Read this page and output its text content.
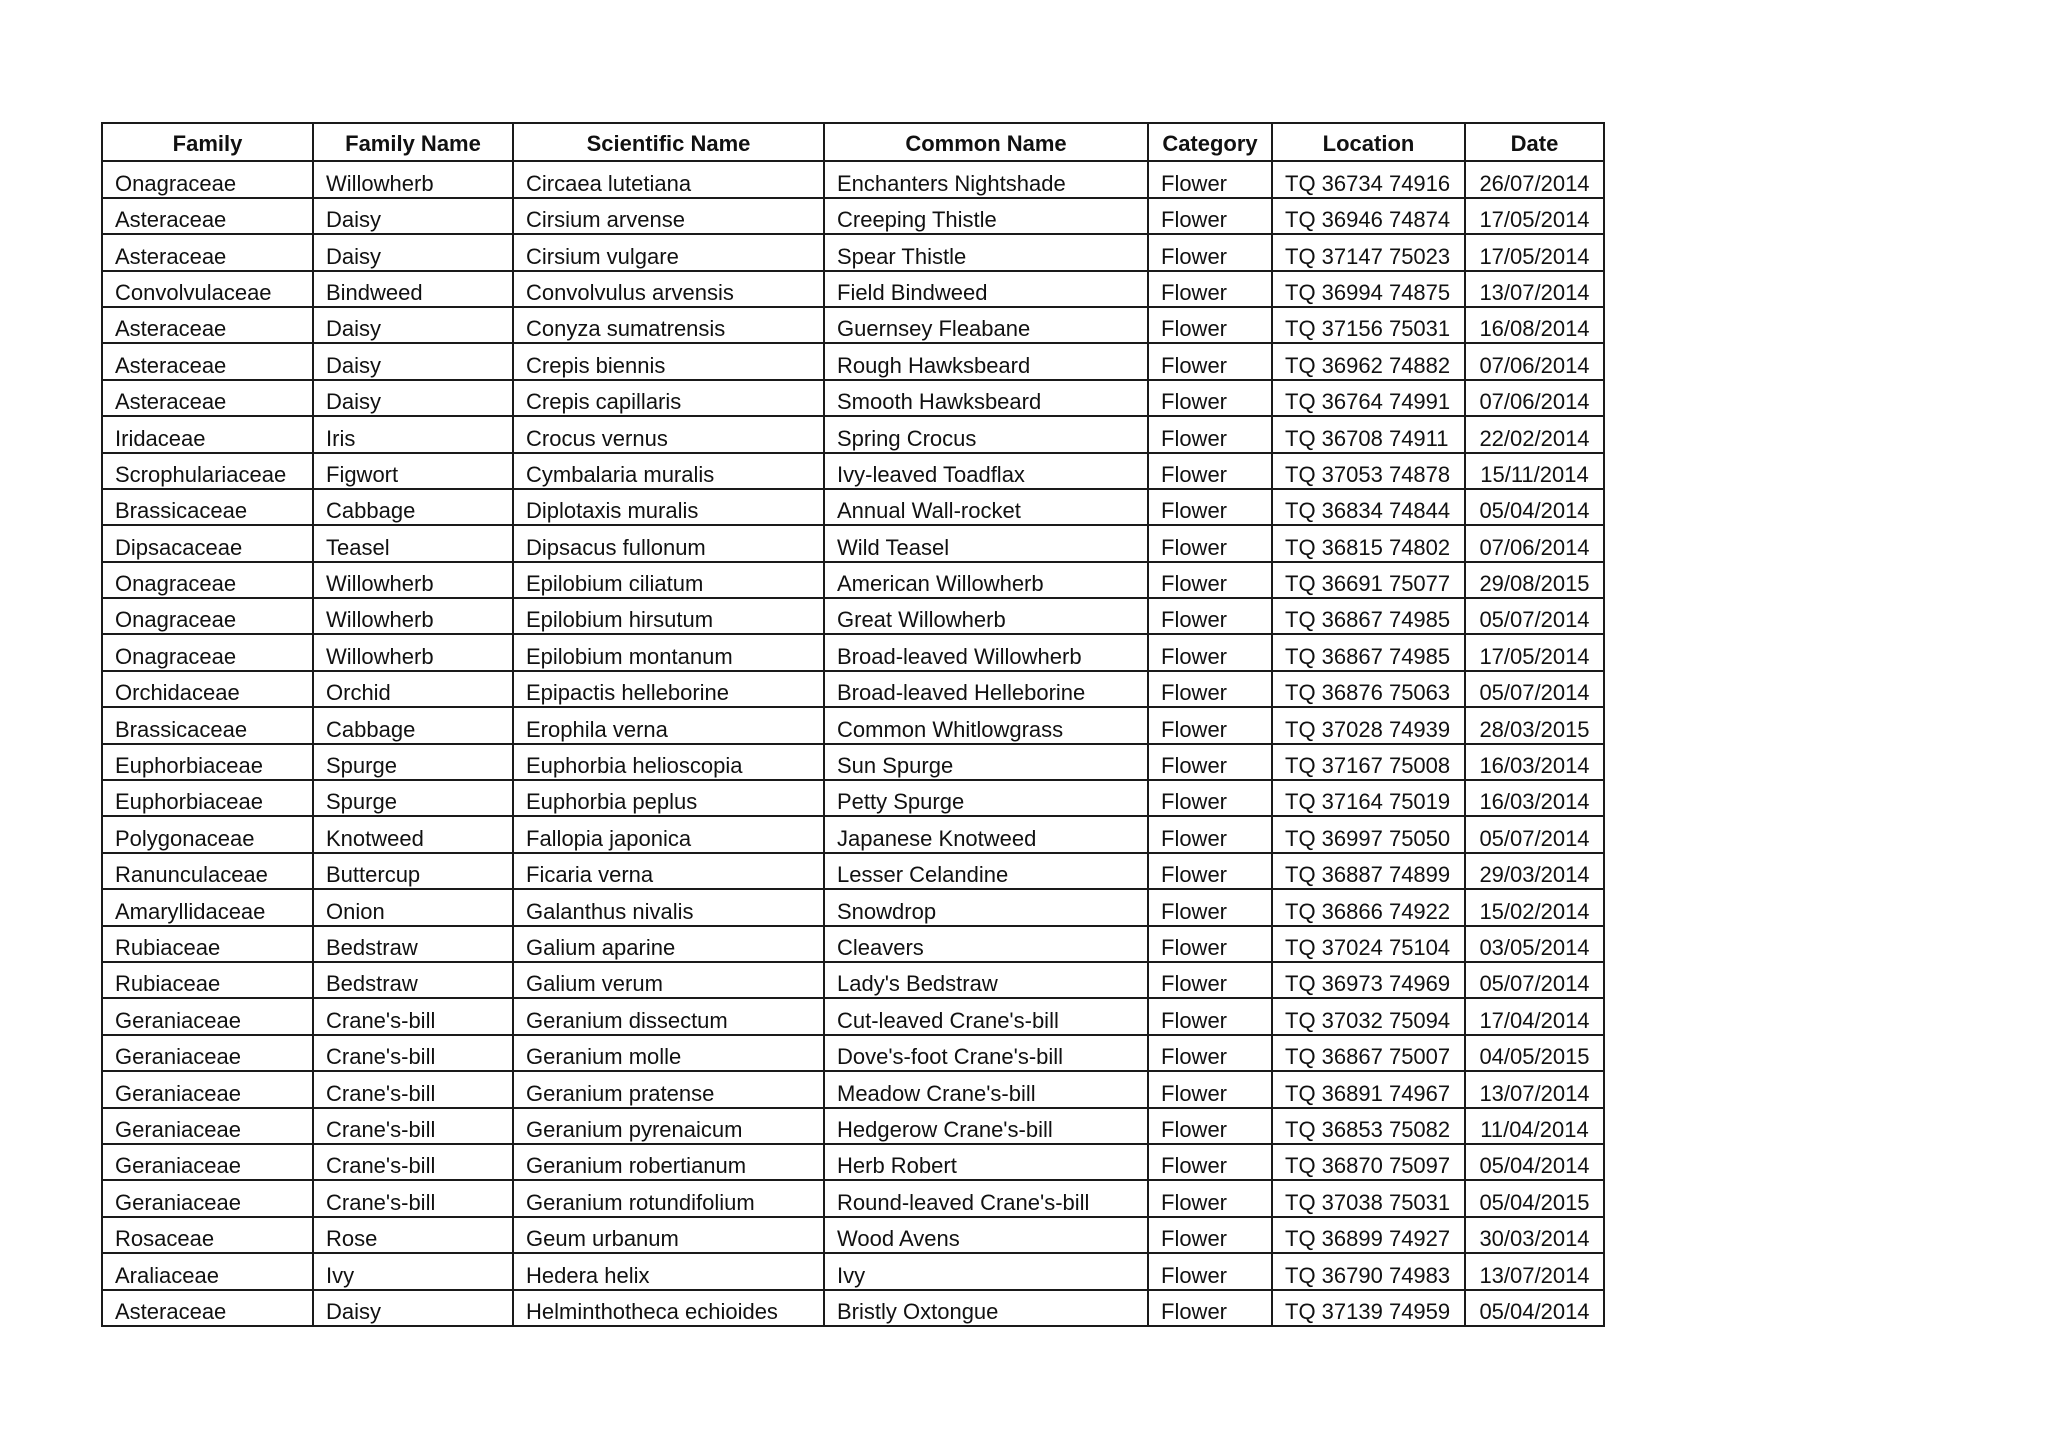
Family	Family Name	Scientific Name	Common Name	Category	Location	Date
Onagraceae	Willowherb	Circaea lutetiana	Enchanters Nightshade	Flower	TQ 36734 74916	26/07/2014
Asteraceae	Daisy	Cirsium arvense	Creeping Thistle	Flower	TQ 36946 74874	17/05/2014
Asteraceae	Daisy	Cirsium vulgare	Spear Thistle	Flower	TQ 37147 75023	17/05/2014
Convolvulaceae	Bindweed	Convolvulus arvensis	Field Bindweed	Flower	TQ 36994 74875	13/07/2014
Asteraceae	Daisy	Conyza sumatrensis	Guernsey Fleabane	Flower	TQ 37156 75031	16/08/2014
Asteraceae	Daisy	Crepis biennis	Rough Hawksbeard	Flower	TQ 36962 74882	07/06/2014
Asteraceae	Daisy	Crepis capillaris	Smooth Hawksbeard	Flower	TQ 36764 74991	07/06/2014
Iridaceae	Iris	Crocus vernus	Spring Crocus	Flower	TQ 36708 74911	22/02/2014
Scrophulariaceae	Figwort	Cymbalaria muralis	Ivy-leaved Toadflax	Flower	TQ 37053 74878	15/11/2014
Brassicaceae	Cabbage	Diplotaxis muralis	Annual Wall-rocket	Flower	TQ 36834 74844	05/04/2014
Dipsacaceae	Teasel	Dipsacus fullonum	Wild Teasel	Flower	TQ 36815 74802	07/06/2014
Onagraceae	Willowherb	Epilobium ciliatum	American Willowherb	Flower	TQ 36691 75077	29/08/2015
Onagraceae	Willowherb	Epilobium hirsutum	Great Willowherb	Flower	TQ 36867 74985	05/07/2014
Onagraceae	Willowherb	Epilobium montanum	Broad-leaved Willowherb	Flower	TQ 36867 74985	17/05/2014
Orchidaceae	Orchid	Epipactis helleborine	Broad-leaved Helleborine	Flower	TQ 36876 75063	05/07/2014
Brassicaceae	Cabbage	Erophila verna	Common Whitlowgrass	Flower	TQ 37028 74939	28/03/2015
Euphorbiaceae	Spurge	Euphorbia helioscopia	Sun Spurge	Flower	TQ 37167 75008	16/03/2014
Euphorbiaceae	Spurge	Euphorbia peplus	Petty Spurge	Flower	TQ 37164 75019	16/03/2014
Polygonaceae	Knotweed	Fallopia japonica	Japanese Knotweed	Flower	TQ 36997 75050	05/07/2014
Ranunculaceae	Buttercup	Ficaria verna	Lesser Celandine	Flower	TQ 36887 74899	29/03/2014
Amaryllidaceae	Onion	Galanthus nivalis	Snowdrop	Flower	TQ 36866 74922	15/02/2014
Rubiaceae	Bedstraw	Galium aparine	Cleavers	Flower	TQ 37024 75104	03/05/2014
Rubiaceae	Bedstraw	Galium verum	Lady's Bedstraw	Flower	TQ 36973 74969	05/07/2014
Geraniaceae	Crane's-bill	Geranium dissectum	Cut-leaved Crane's-bill	Flower	TQ 37032 75094	17/04/2014
Geraniaceae	Crane's-bill	Geranium molle	Dove's-foot Crane's-bill	Flower	TQ 36867 75007	04/05/2015
Geraniaceae	Crane's-bill	Geranium pratense	Meadow Crane's-bill	Flower	TQ 36891 74967	13/07/2014
Geraniaceae	Crane's-bill	Geranium pyrenaicum	Hedgerow Crane's-bill	Flower	TQ 36853 75082	11/04/2014
Geraniaceae	Crane's-bill	Geranium robertianum	Herb Robert	Flower	TQ 36870 75097	05/04/2014
Geraniaceae	Crane's-bill	Geranium rotundifolium	Round-leaved Crane's-bill	Flower	TQ 37038 75031	05/04/2015
Rosaceae	Rose	Geum urbanum	Wood Avens	Flower	TQ 36899 74927	30/03/2014
Araliaceae	Ivy	Hedera helix	Ivy	Flower	TQ 36790 74983	13/07/2014
Asteraceae	Daisy	Helminthotheca echioides	Bristly Oxtongue	Flower	TQ 37139 74959	05/04/2014
